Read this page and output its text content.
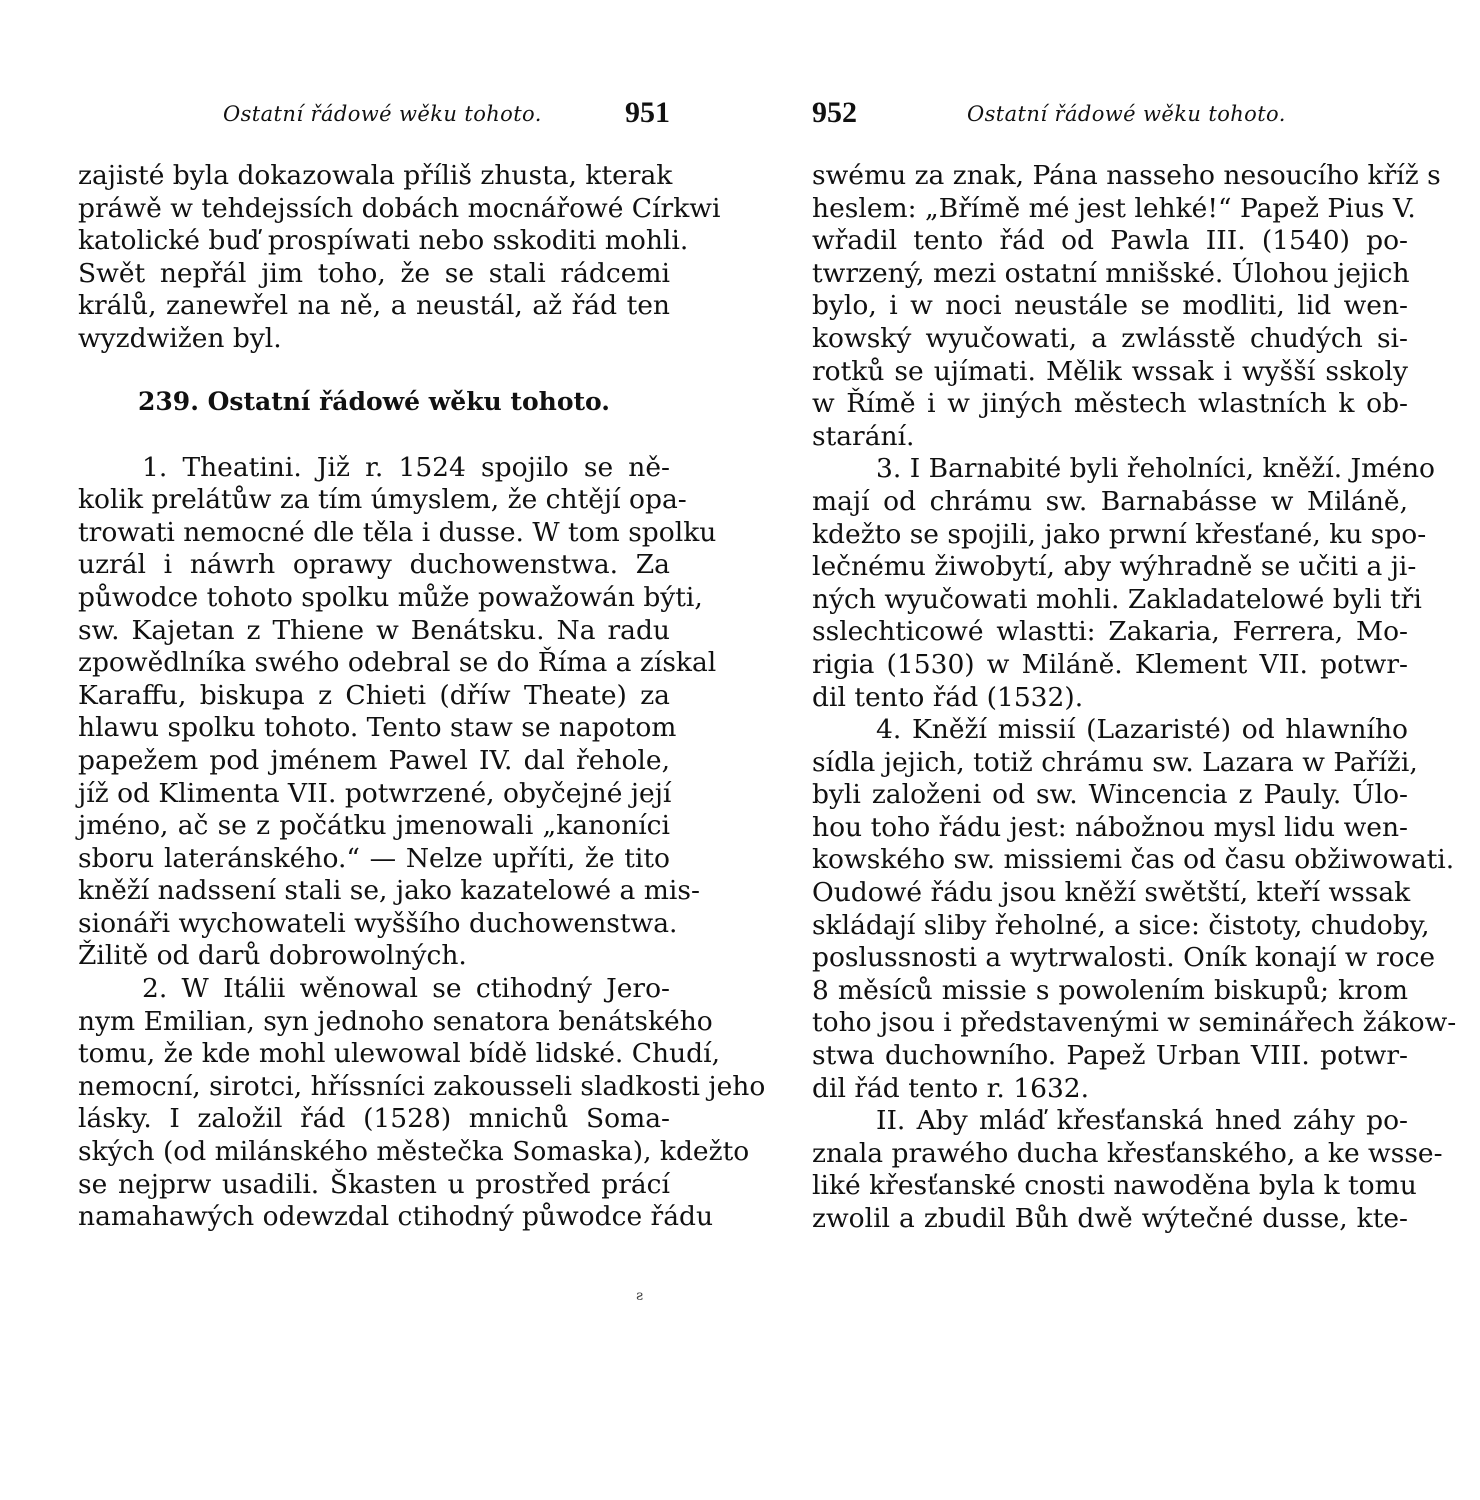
Ostatní řádowé wěku tohoto.	951
zajisté byla dokazowala příliš zhusta, kterak
práwě w tehdejssích dobách mocnářowé Církwi
katolické buď prospíwati nebo sskoditi mohli.
Swět nepřál jim toho, že se stali rádcemi
králů, zanewřel na ně, a neustál, až řád ten
wyzdwižen byl.
239. Ostatní řádowé wěku tohoto.
1. Theatini. Již r. 1524 spojilo se ně-
kolik prelátůw za tím úmyslem, že chtějí opa-
trowati nemocné dle těla i dusse. W tom spolku
uzrál i náwrh oprawy duchowenstwa. Za
půwodce tohoto spolku může powažowán býti,
sw. Kajetan z Thiene w Benátsku. Na radu
zpowědlníka swého odebral se do Říma a získal
Karaffu, biskupa z Chieti (dříw Theate) za
hlawu spolku tohoto. Tento staw se napotom
papežem pod jménem Pawel IV. dal řehole,
jíž od Klimenta VII. potwrzené, obyčejné její
jméno, ač se z počátku jmenowali „kanoníci
sboru lateránského.“ — Nelze upříti, že tito
kněží nadssení stali se, jako kazatelowé a mis-
sionáři wychowateli wyššího duchowenstwa.
Žilitě od darů dobrowolných.
2. W Itálii wěnowal se ctihodný Jero-
nym Emilian, syn jednoho senatora benátského
tomu, že kde mohl ulewowal bídě lidské. Chudí,
nemocní, sirotci, hříssníci zakousseli sladkosti jeho
lásky. I založil řád (1528) mnichů Soma-
ských (od milánského městečka Somaska), kdežto
se nejprw usadili. Škasten u prostřed prácí
namahawých odewzdal ctihodný půwodce řádu
ƨ
952	Ostatní řádowé wěku tohoto.
swému za znak, Pána nasseho nesoucího kříž s
heslem: „Břímě mé jest lehké!“ Papež Pius V.
wřadil tento řád od Pawla III. (1540) po-
twrzený, mezi ostatní mnišské. Úlohou jejich
bylo, i w noci neustále se modliti, lid wen-
kowský wyučowati, a zwlásstě chudých si-
rotků se ujímati. Mělik wssak i wyšší sskoly
w Římě i w jiných městech wlastních k ob-
starání.
3. I Barnabité byli řeholníci, kněží. Jméno
mají od chrámu sw. Barnabásse w Miláně,
kdežto se spojili, jako prwní křesťané, ku spo-
lečnému žiwobytí, aby wýhradně se učiti a ji-
ných wyučowati mohli. Zakladatelowé byli tři
sslechticowé wlastti: Zakaria, Ferrera, Mo-
rigia (1530) w Miláně. Klement VII. potwr-
dil tento řád (1532).
4. Kněží missií (Lazaristé) od hlawního
sídla jejich, totiž chrámu sw. Lazara w Paříži,
byli založeni od sw. Wincencia z Pauly. Úlo-
hou toho řádu jest: nábožnou mysl lidu wen-
kowského sw. missiemi čas od času obžiwowati.
Oudowé řádu jsou kněží swětští, kteří wssak
skládají sliby řeholné, a sice: čistoty, chudoby,
poslussnosti a wytrwalosti. Oník konají w roce
8 měsíců missie s powolením biskupů; krom
toho jsou i představenými w seminářech žákow-
stwa duchowního. Papež Urban VIII. potwr-
dil řád tento r. 1632.
II. Aby mláď křesťanská hned záhy po-
znala prawého ducha křesťanského, a ke wsse-
liké křesťanské cnosti nawoděna byla k tomu
zwolil a zbudil Bůh dwě wýtečné dusse, kte-
